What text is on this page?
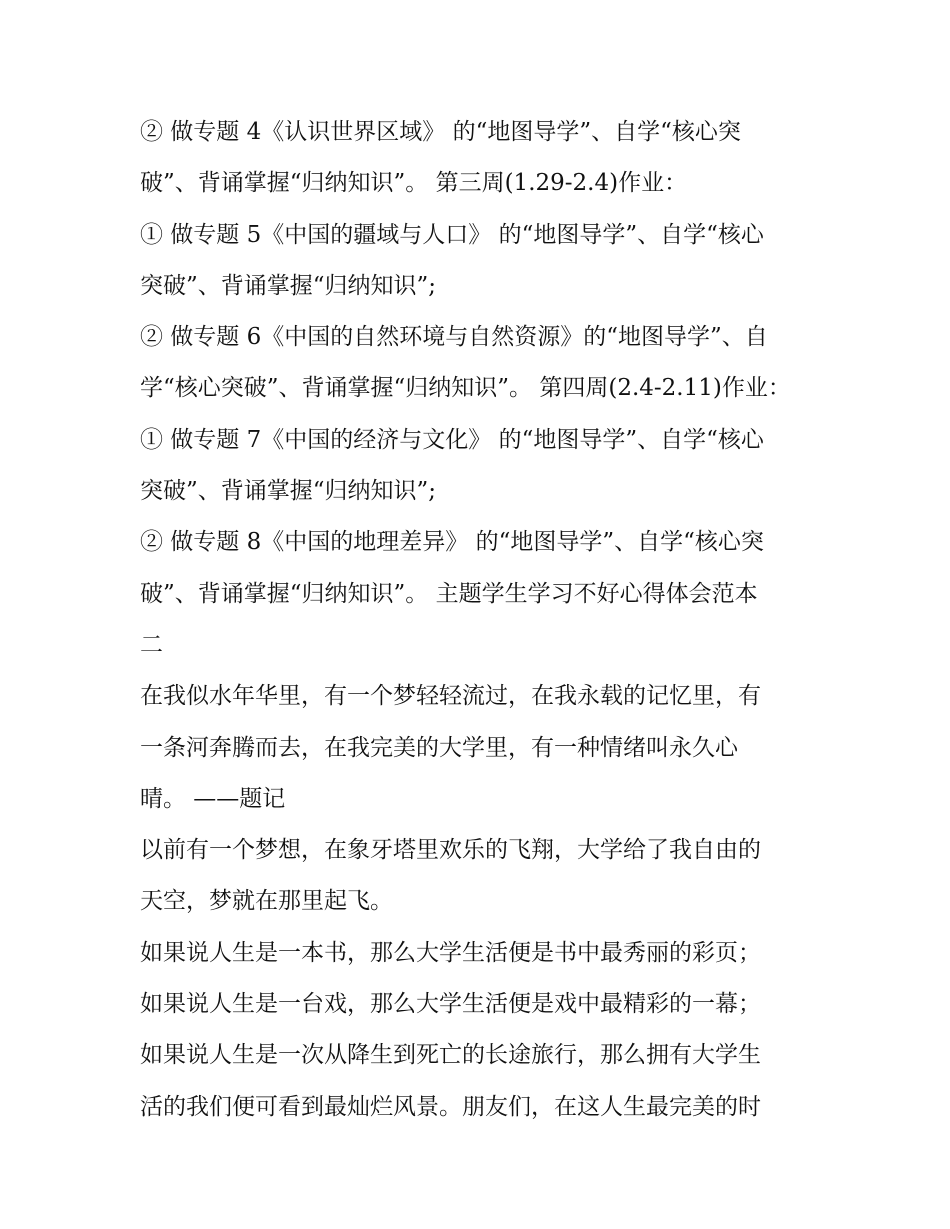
② 做专题 4《认识世界区域》 的“地图导学”、自学“核心突
破”、背诵掌握“归纳知识”。 第三周(1.29-2.4)作业：
① 做专题 5《中国的疆域与人口》 的“地图导学”、自学“核心
突破”、背诵掌握“归纳知识”;
② 做专题 6《中国的自然环境与自然资源》的“地图导学”、自
学“核心突破”、背诵掌握“归纳知识”。 第四周(2.4-2.11)作业：
① 做专题 7《中国的经济与文化》 的“地图导学”、自学“核心
突破”、背诵掌握“归纳知识”;
② 做专题 8《中国的地理差异》 的“地图导学”、自学“核心突
破”、背诵掌握“归纳知识”。 主题学生学习不好心得体会范本
二
在我似水年华里，有一个梦轻轻流过，在我永载的记忆里，有
一条河奔腾而去，在我完美的大学里，有一种情绪叫永久心
晴。 ——题记
以前有一个梦想，在象牙塔里欢乐的飞翔，大学给了我自由的
天空，梦就在那里起飞。
如果说人生是一本书，那么大学生活便是书中最秀丽的彩页；
如果说人生是一台戏，那么大学生活便是戏中最精彩的一幕；
如果说人生是一次从降生到死亡的长途旅行，那么拥有大学生
活的我们便可看到最灿烂风景。朋友们，在这人生最完美的时
